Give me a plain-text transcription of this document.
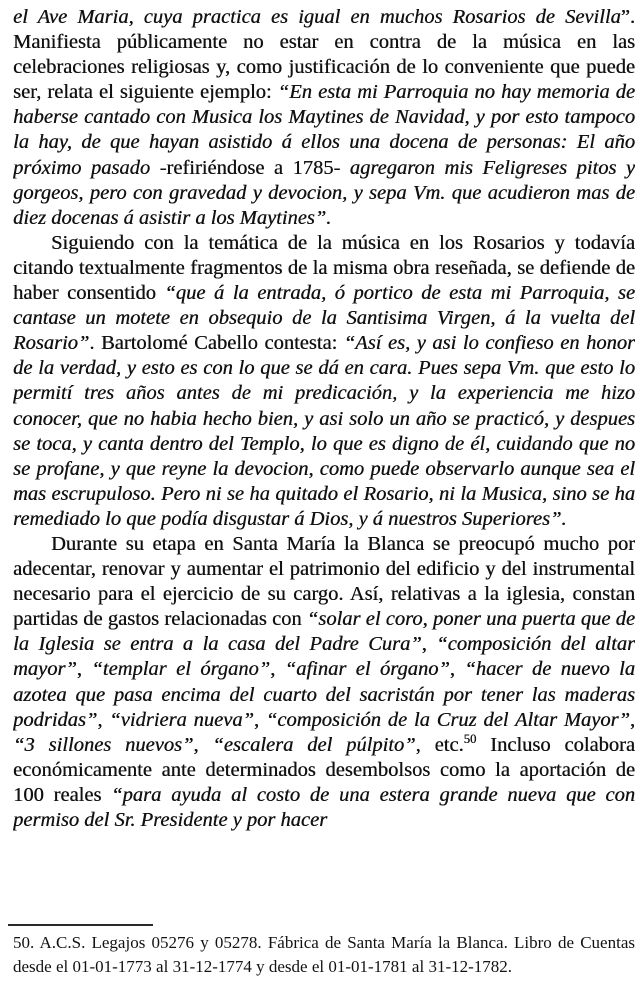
el Ave Maria, cuya practica es igual en muchos Rosarios de Sevilla”. Manifiesta públicamente no estar en contra de la música en las celebraciones religiosas y, como justificación de lo conveniente que puede ser, relata el siguiente ejemplo: “En esta mi Parroquia no hay memoria de haberse cantado con Musica los Maytines de Navidad, y por esto tampoco la hay, de que hayan asistido á ellos una docena de personas: El año próximo pasado -refiriéndose a 1785- agregaron mis Feligreses pitos y gorgeos, pero con gravedad y devocion, y sepa Vm. que acudieron mas de diez docenas á asistir a los Maytines”.

Siguiendo con la temática de la música en los Rosarios y todavía citando textualmente fragmentos de la misma obra reseñada, se defiende de haber consentido “que á la entrada, ó portico de esta mi Parroquia, se cantase un motete en obsequio de la Santisima Virgen, á la vuelta del Rosario”. Bartolomé Cabello contesta: “Así es, y asi lo confieso en honor de la verdad, y esto es con lo que se dá en cara. Pues sepa Vm. que esto lo permití tres años antes de mi predicación, y la experiencia me hizo conocer, que no habia hecho bien, y asi solo un año se practicó, y despues se toca, y canta dentro del Templo, lo que es digno de él, cuidando que no se profane, y que reyne la devocion, como puede observarlo aunque sea el mas escrupuloso. Pero ni se ha quitado el Rosario, ni la Musica, sino se ha remediado lo que podía disgustar á Dios, y á nuestros Superiores”.

Durante su etapa en Santa María la Blanca se preocupó mucho por adecentar, renovar y aumentar el patrimonio del edificio y del instrumental necesario para el ejercicio de su cargo. Así, relativas a la iglesia, constan partidas de gastos relacionadas con “solar el coro, poner una puerta que de la Iglesia se entra a la casa del Padre Cura”, “composición del altar mayor”, “templar el órgano”, “afinar el órgano”, “hacer de nuevo la azotea que pasa encima del cuarto del sacristán por tener las maderas podridas”, “vidriera nueva”, “composición de la Cruz del Altar Mayor”, “3 sillones nuevos”, “escalera del púlpito”, etc.$^{50}$ Incluso colabora económicamente ante determinados desembolsos como la aportación de 100 reales “para ayuda al costo de una estera grande nueva que con permiso del Sr. Presidente y por hacer

50. A.C.S. Legajos 05276 y 05278. Fábrica de Santa María la Blanca. Libro de Cuentas desde el 01-01-1773 al 31-12-1774 y desde el 01-01-1781 al 31-12-1782.
